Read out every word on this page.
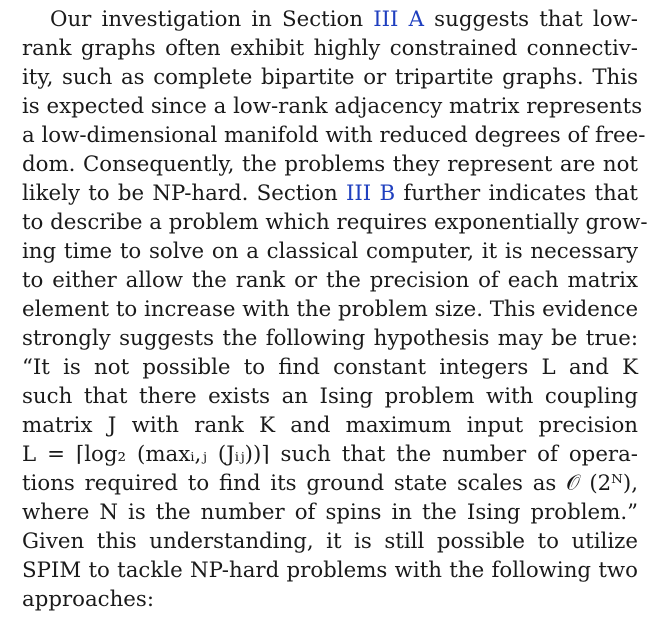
Our investigation in Section III A suggests that low-
rank graphs often exhibit highly constrained connectiv-
ity, such as complete bipartite or tripartite graphs. This
is expected since a low-rank adjacency matrix represents
a low-dimensional manifold with reduced degrees of free-
dom. Consequently, the problems they represent are not
likely to be NP-hard. Section III B further indicates that
to describe a problem which requires exponentially grow-
ing time to solve on a classical computer, it is necessary
to either allow the rank or the precision of each matrix
element to increase with the problem size. This evidence
strongly suggests the following hypothesis may be true:
“It is not possible to find constant integers L and K
such that there exists an Ising problem with coupling
matrix J with rank K and maximum input precision
L = ⌈log₂ (maxᵢ,ⱼ (Jᵢⱼ))⌉ such that the number of opera-
tions required to find its ground state scales as 𝒪 (2ᴺ),
where N is the number of spins in the Ising problem.”
Given this understanding, it is still possible to utilize
SPIM to tackle NP-hard problems with the following two
approaches:
